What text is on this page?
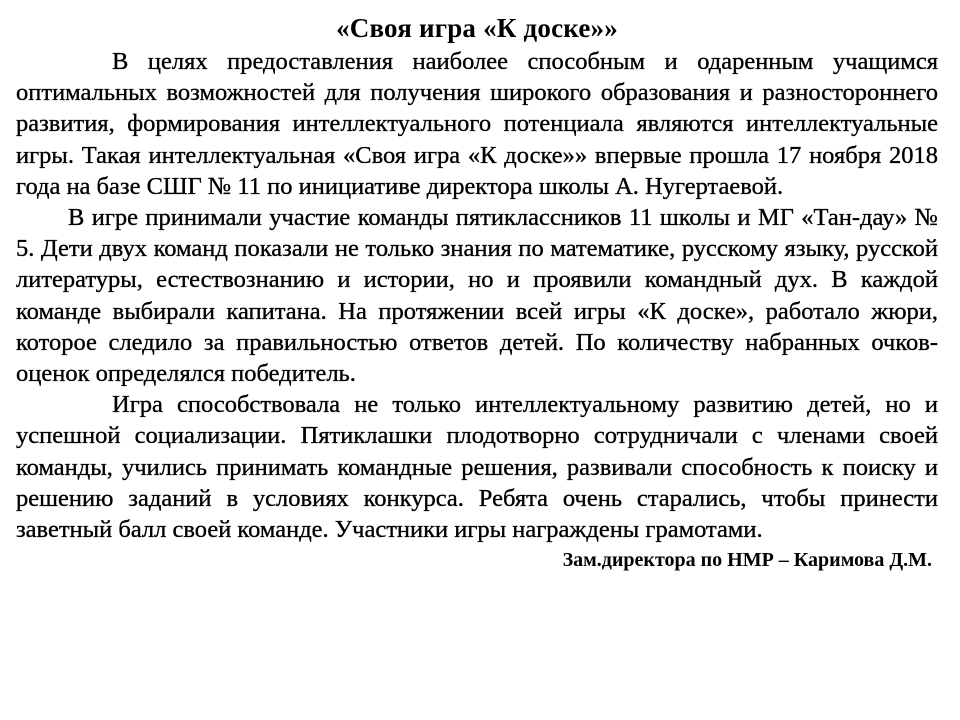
«Своя игра «К доске»»

В целях предоставления наиболее способным и одаренным учащимся оптимальных возможностей для получения широкого образования и разностороннего развития, формирования интеллектуального потенциала являются интеллектуальные игры. Такая интеллектуальная «Своя игра «К доске»» впервые прошла 17 ноября 2018 года на базе СШГ № 11 по инициативе директора школы А. Нугертаевой.

В игре принимали участие команды пятиклассников 11 школы и МГ «Тан-дау» № 5. Дети двух команд показали не только знания по математике, русскому языку, русской литературы, естествознанию и истории, но и проявили командный дух. В каждой команде выбирали капитана. На протяжении всей игры «К доске», работало жюри, которое следило за правильностью ответов детей. По количеству набранных очков-оценок определялся победитель.

Игра способствовала не только интеллектуальному развитию детей, но и успешной социализации. Пятиклашки плодотворно сотрудничали с членами своей команды, учились принимать командные решения, развивали способность к поиску и решению заданий в условиях конкурса. Ребята очень старались, чтобы принести заветный балл своей команде. Участники игры награждены грамотами.

Зам.директора по НМР – Каримова Д.М.
